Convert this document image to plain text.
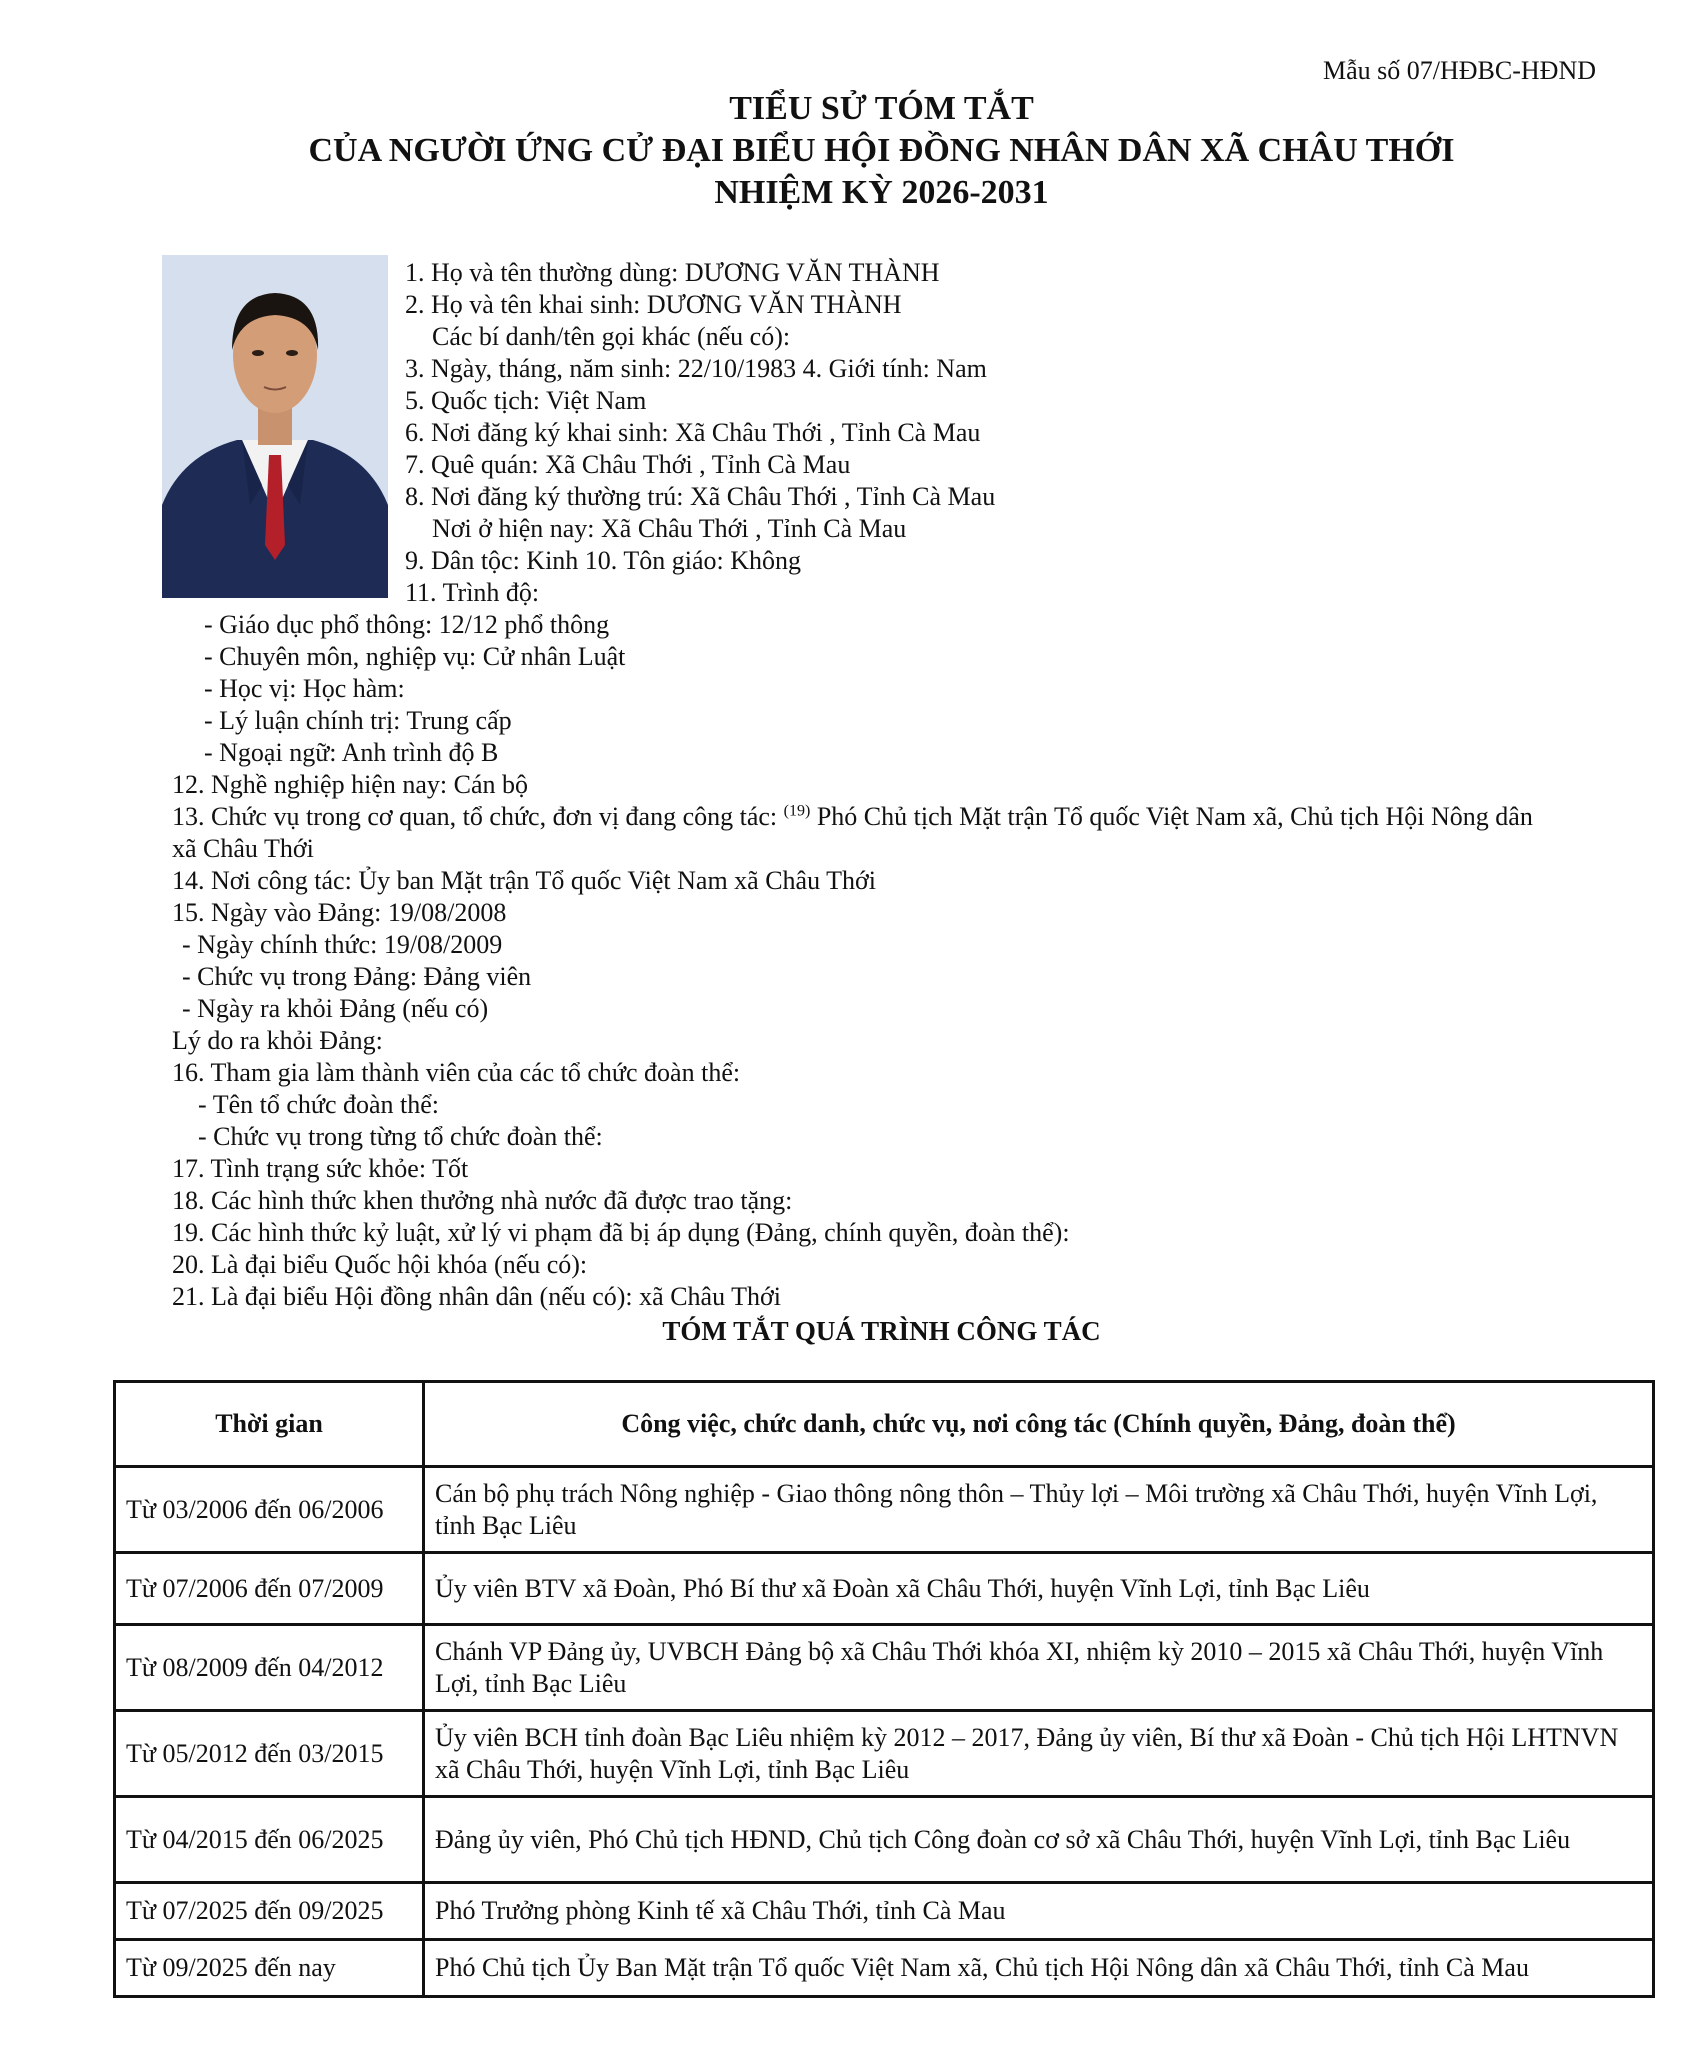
Mẫu số 07/HĐBC-HĐND
TIỂU SỬ TÓM TẮT
CỦA NGƯỜI ỨNG CỬ ĐẠI BIỂU HỘI ĐỒNG NHÂN DÂN XÃ CHÂU THỚI
NHIỆM KỲ 2026-2031
1. Họ và tên thường dùng: DƯƠNG VĂN THÀNH
2. Họ và tên khai sinh: DƯƠNG VĂN THÀNH
Các bí danh/tên gọi khác (nếu có):
3. Ngày, tháng, năm sinh: 22/10/1983 4. Giới tính: Nam
5. Quốc tịch: Việt Nam
6. Nơi đăng ký khai sinh: Xã Châu Thới , Tỉnh Cà Mau
7. Quê quán: Xã Châu Thới , Tỉnh Cà Mau
8. Nơi đăng ký thường trú: Xã Châu Thới , Tỉnh Cà Mau
Nơi ở hiện nay: Xã Châu Thới , Tỉnh Cà Mau
9. Dân tộc: Kinh 10. Tôn giáo: Không
11. Trình độ:
- Giáo dục phổ thông: 12/12 phổ thông
- Chuyên môn, nghiệp vụ: Cử nhân Luật
- Học vị: Học hàm:
- Lý luận chính trị: Trung cấp
- Ngoại ngữ: Anh trình độ B
12. Nghề nghiệp hiện nay: Cán bộ
13. Chức vụ trong cơ quan, tổ chức, đơn vị đang công tác: $^{(19)}$ Phó Chủ tịch Mặt trận Tổ quốc Việt Nam xã, Chủ tịch Hội Nông dân
xã Châu Thới
14. Nơi công tác: Ủy ban Mặt trận Tổ quốc Việt Nam xã Châu Thới
15. Ngày vào Đảng: 19/08/2008
- Ngày chính thức: 19/08/2009
- Chức vụ trong Đảng: Đảng viên
- Ngày ra khỏi Đảng (nếu có)
Lý do ra khỏi Đảng:
16. Tham gia làm thành viên của các tổ chức đoàn thể:
- Tên tổ chức đoàn thể:
- Chức vụ trong từng tổ chức đoàn thể:
17. Tình trạng sức khỏe: Tốt
18. Các hình thức khen thưởng nhà nước đã được trao tặng:
19. Các hình thức kỷ luật, xử lý vi phạm đã bị áp dụng (Đảng, chính quyền, đoàn thể):
20. Là đại biểu Quốc hội khóa (nếu có):
21. Là đại biểu Hội đồng nhân dân (nếu có): xã Châu Thới
TÓM TẮT QUÁ TRÌNH CÔNG TÁC
Thời gian	Công việc, chức danh, chức vụ, nơi công tác (Chính quyền, Đảng, đoàn thể)
Từ 03/2006 đến 06/2006	Cán bộ phụ trách Nông nghiệp - Giao thông nông thôn – Thủy lợi – Môi trường xã Châu Thới, huyện Vĩnh Lợi, tỉnh Bạc Liêu
Từ 07/2006 đến 07/2009	Ủy viên BTV xã Đoàn, Phó Bí thư xã Đoàn xã Châu Thới, huyện Vĩnh Lợi, tỉnh Bạc Liêu
Từ 08/2009 đến 04/2012	Chánh VP Đảng ủy, UVBCH Đảng bộ xã Châu Thới khóa XI, nhiệm kỳ 2010 – 2015 xã Châu Thới, huyện Vĩnh Lợi, tỉnh Bạc Liêu
Từ 05/2012 đến 03/2015	Ủy viên BCH tỉnh đoàn Bạc Liêu nhiệm kỳ 2012 – 2017, Đảng ủy viên, Bí thư xã Đoàn - Chủ tịch Hội LHTNVN xã Châu Thới, huyện Vĩnh Lợi, tỉnh Bạc Liêu
Từ 04/2015 đến 06/2025	Đảng ủy viên, Phó Chủ tịch HĐND, Chủ tịch Công đoàn cơ sở xã Châu Thới, huyện Vĩnh Lợi, tỉnh Bạc Liêu
Từ 07/2025 đến 09/2025	Phó Trưởng phòng Kinh tế xã Châu Thới, tỉnh Cà Mau
Từ 09/2025 đến nay	Phó Chủ tịch Ủy Ban Mặt trận Tổ quốc Việt Nam xã, Chủ tịch Hội Nông dân xã Châu Thới, tỉnh Cà Mau
